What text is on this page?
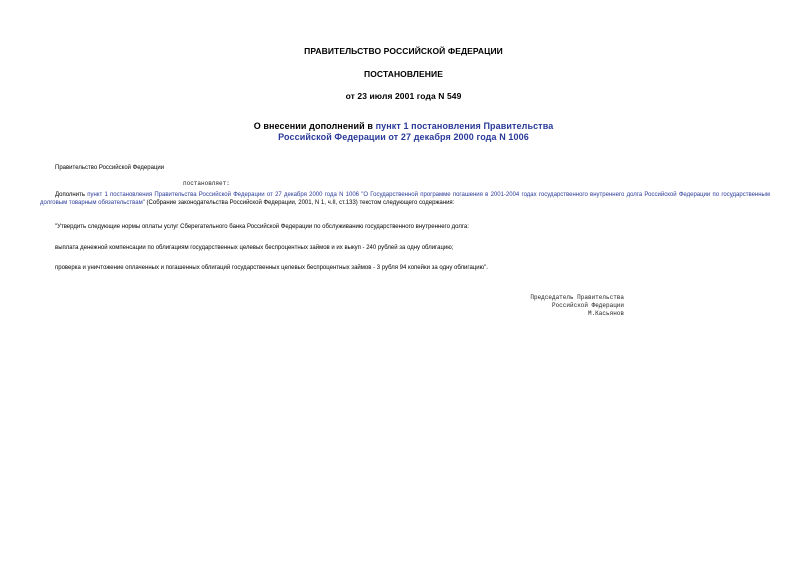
ПРАВИТЕЛЬСТВО РОССИЙСКОЙ ФЕДЕРАЦИИ
ПОСТАНОВЛЕНИЕ
от 23 июля 2001 года N 549
О внесении дополнений в пункт 1 постановления Правительства
Российской Федерации от 27 декабря 2000 года N 1006
Правительство Российской Федерации
постановляет:
Дополнить пункт 1 постановления Правительства Российской Федерации от 27 декабря 2000 года N 1006 "О Государственной программе погашения в 2001-2004 годах государственного внутреннего долга Российской Федерации по государственным долговым товарным обязательствам" (Собрание законодательства Российской Федерации, 2001, N 1, ч.II, ст.133) текстом следующего содержания:
"Утвердить следующие нормы оплаты услуг Сберегательного банка Российской Федерации по обслуживанию государственного внутреннего долга:
выплата денежной компенсации по облигациям государственных целевых беспроцентных займов и их выкуп - 240 рублей за одну облигацию;
проверка и уничтожение оплаченных и погашенных облигаций государственных целевых беспроцентных займов - 3 рубля 94 копейки за одну облигацию".
Председатель Правительства
Российской Федерации
М.Касьянов
